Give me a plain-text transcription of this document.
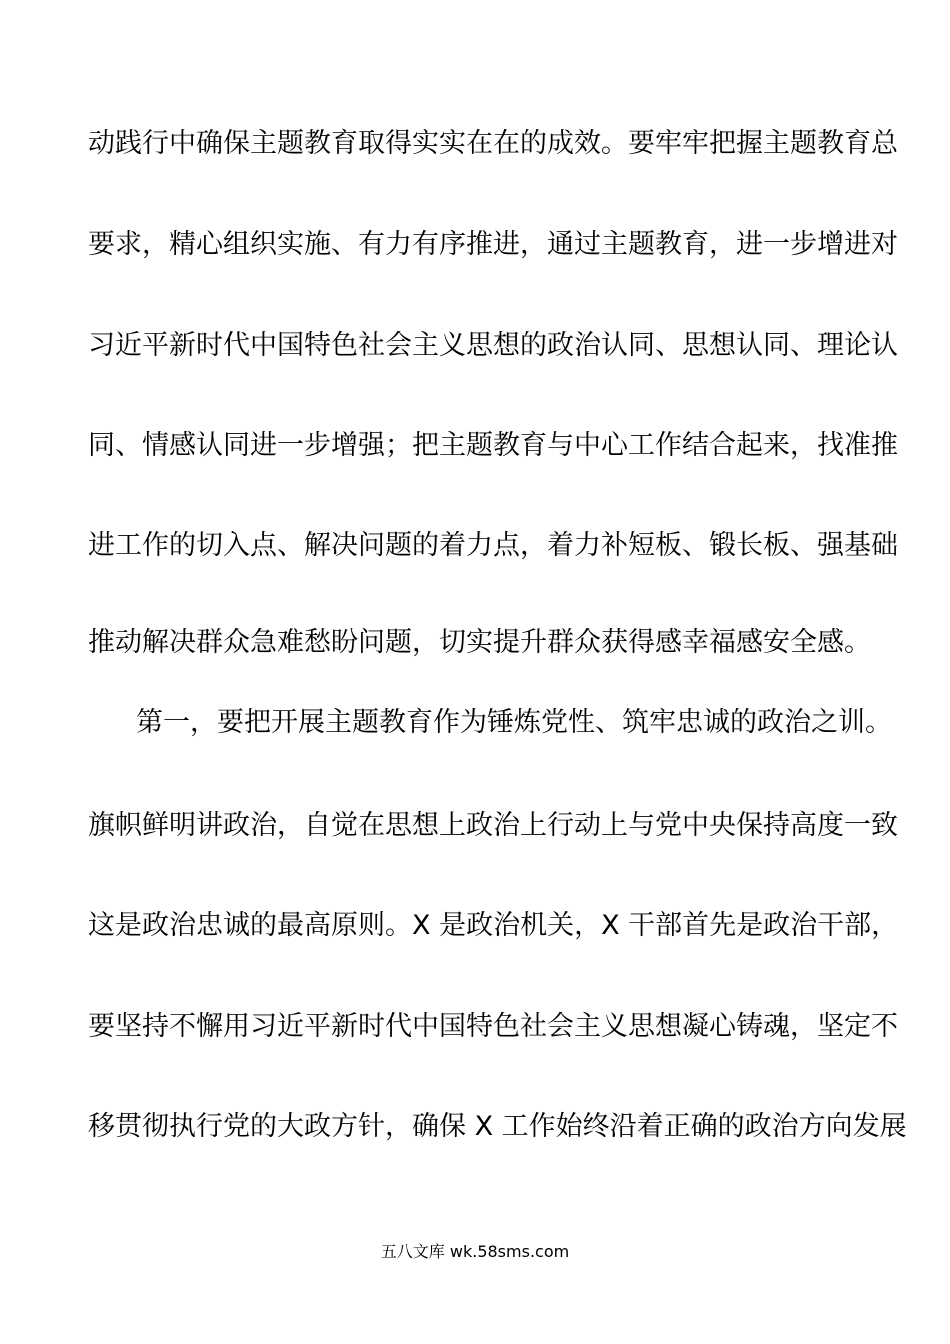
动践行中确保主题教育取得实实在在的成效。要牢牢把握主题教育总
要求，精心组织实施、有力有序推进，通过主题教育，进一步增进对
习近平新时代中国特色社会主义思想的政治认同、思想认同、理论认
同、情感认同进一步增强；把主题教育与中心工作结合起来，找准推
进工作的切入点、解决问题的着力点，着力补短板、锻长板、强基础
推动解决群众急难愁盼问题，切实提升群众获得感幸福感安全感。
第一，要把开展主题教育作为锤炼党性、筑牢忠诚的政治之训。
旗帜鲜明讲政治，自觉在思想上政治上行动上与党中央保持高度一致
这是政治忠诚的最高原则。X 是政治机关，X 干部首先是政治干部，
要坚持不懈用习近平新时代中国特色社会主义思想凝心铸魂，坚定不
移贯彻执行党的大政方针，确保 X 工作始终沿着正确的政治方向发展
五八文库 wk.58sms.com
